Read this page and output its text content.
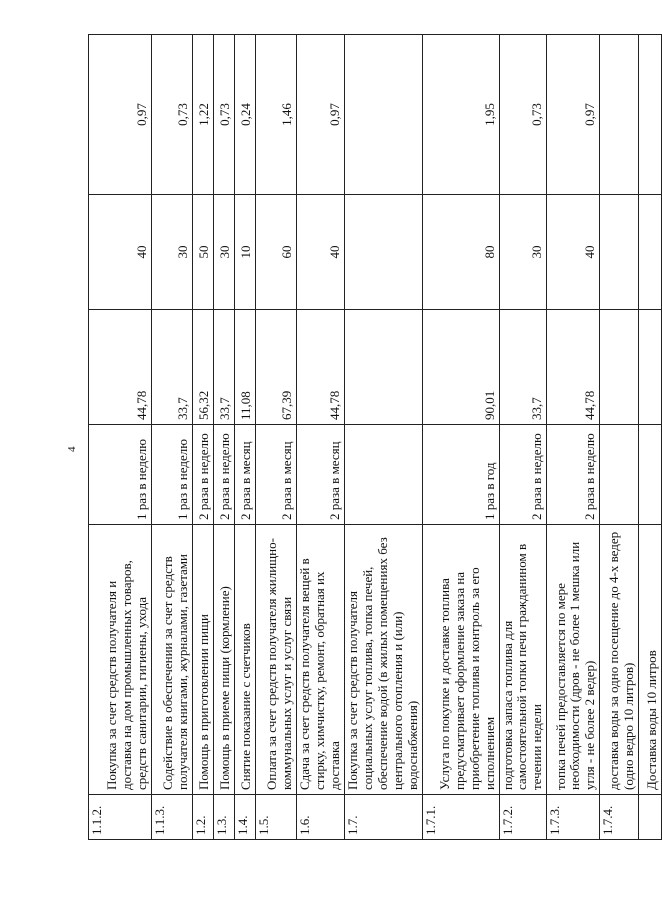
4
1.1.2.	Покупка за счет средств получателя и доставка на дом промышленных товаров, средств санитарии, гигиены, ухода	1 раз в неделю	44,78	40	0,97
1.1.3.	Содействие в обеспечении за счет средств получателя книгами, журналами, газетами	1 раз в неделю	33,7	30	0,73
1.2.	Помощь в приготовлении пищи	2 раза в неделю	56,32	50	1,22
1.3.	Помощь в приеме пищи (кормление)	2 раза в неделю	33,7	30	0,73
1.4.	Снятие показание с счетчиков	2 раза в месяц	11,08	10	0,24
1.5.	Оплата за счет средств получателя жилищно-коммунальных услуг и услуг связи	2 раза в месяц	67,39	60	1,46
1.6.	Сдача за счет средств получателя вещей в стирку, химчистку, ремонт, обратная их доставка	2 раза в месяц	44,78	40	0,97
1.7.	Покупка за счет средств получателя социальных услуг топлива, топка печей, обеспечение водой (в жилых помещениях без центрального отопления и (или) водоснабжения)				
1.7.1.	Услуга по покупке и доставке топлива предусматривает оформление заказа на приобретение топлива и контроль за его исполнением	1 раз в год	90,01	80	1,95
1.7.2.	подготовка запаса топлива для самостоятельной топки печи гражданином в течении недели	2 раза в неделю	33,7	30	0,73
1.7.3.	топка печей предоставляется по мере необходимости (дров - не более 1 мешка или угля - не более 2 ведер)	2 раза в неделю	44,78	40	0,97
1.7.4.	доставка воды за одно посещение до 4-х ведер (одно ведро 10 литров)				
	Доставка воды 10 литров				
